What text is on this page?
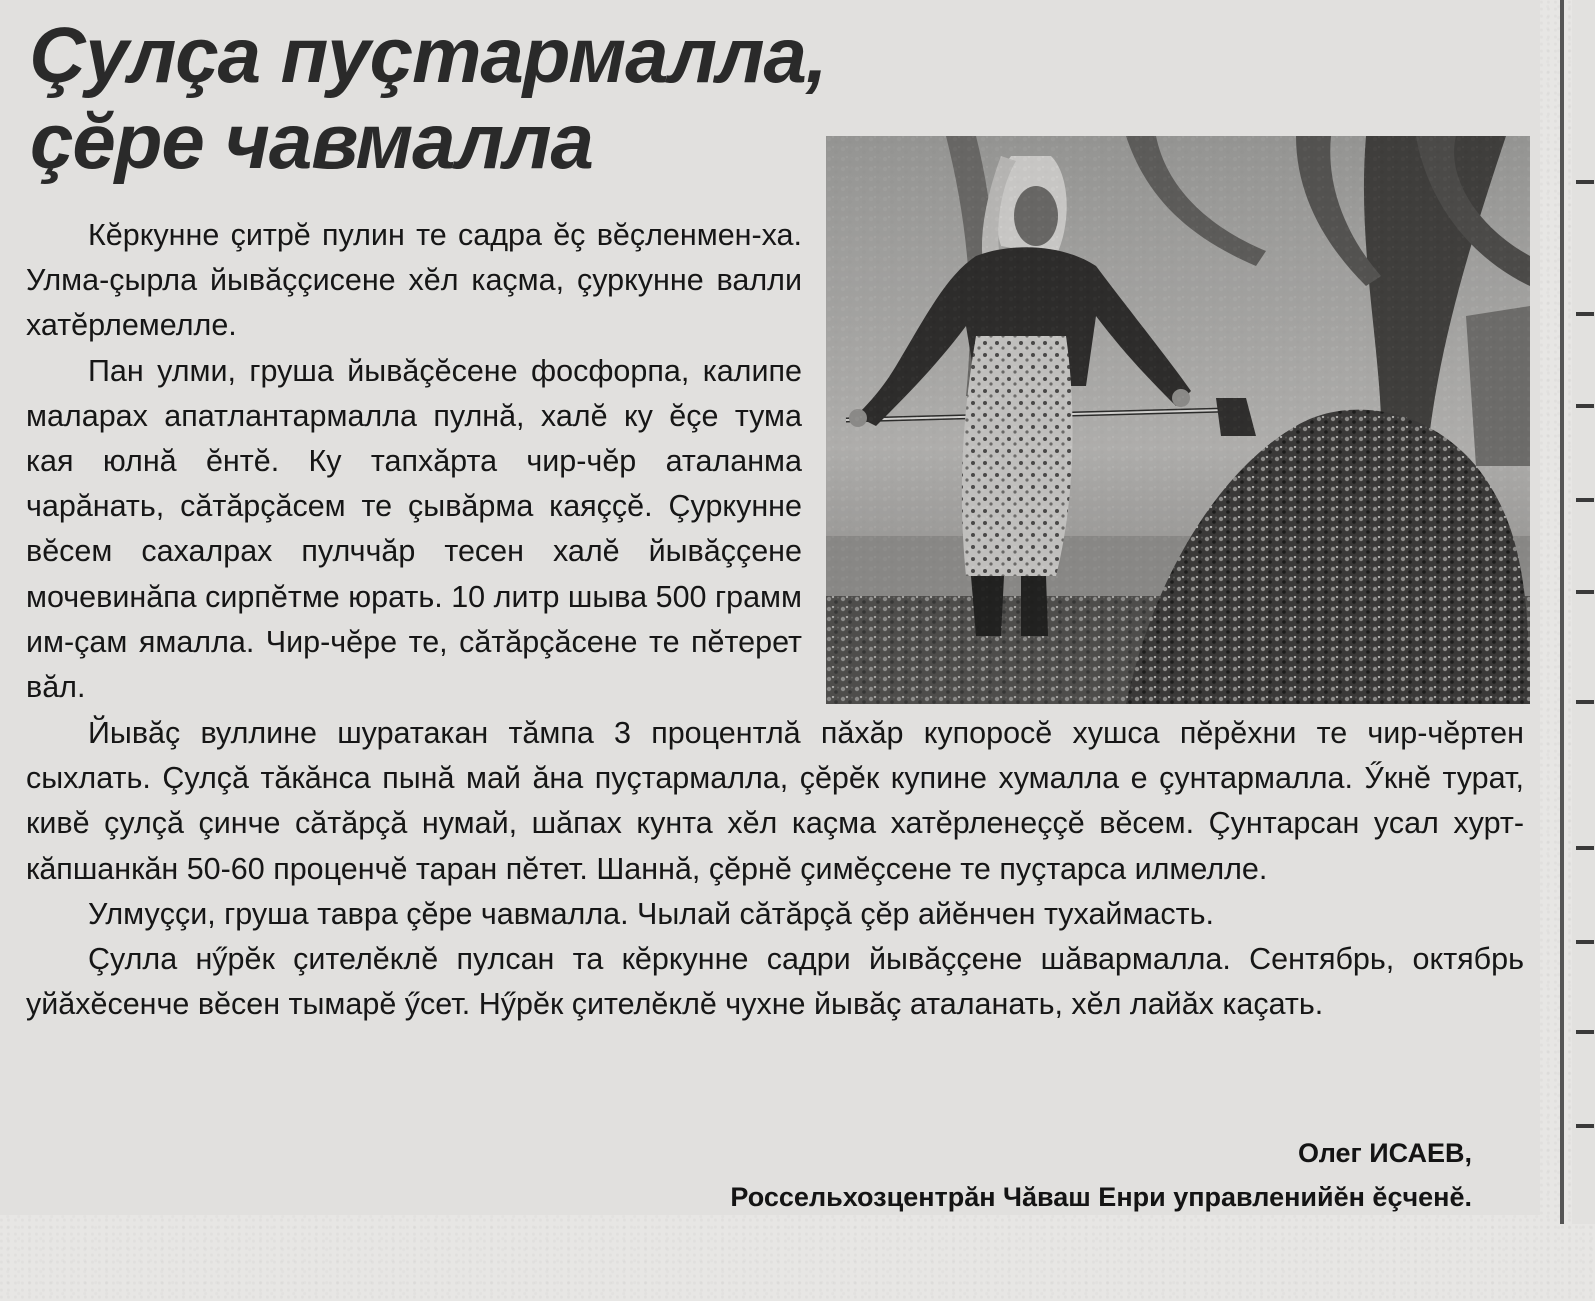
Çулçа пуçтармалла,
çĕре чавмалла

Кĕркунне çитрĕ пулин те садра ĕç вĕçленмен-ха. Улма-çырла йывăççисене хĕл каçма, çуркунне валли хатĕрлемелле.

Пан улми, груша йывăçĕсене фосфорпа, калипе маларах апатлантармалла пулнă, халĕ ку ĕçе тума кая юлнă ĕнтĕ. Ку тапхăрта чир-чĕр аталанма чарăнать, сăтăрçăсем те çывăрма каяççĕ. Çуркунне вĕсем сахалрах пулччăр тесен халĕ йывăççене мочевинăпа сирпĕтме юрать. 10 литр шыва 500 грамм им-çам ямалла. Чир-чĕре те, сăтăрçăсене те пĕтерет вăл.

Йывăç вуллине шуратакан тăмпа 3 процентлă пăхăр купоросĕ хушса пĕрĕхни те чир-чĕртен сыхлать. Çулçă тăкăнса пынă май ăна пуçтармалла, çĕрĕк купине хумалла е çунтармалла. Ӳкнĕ турат, кивĕ çулçă çинче сăтăрçă нумай, шăпах кунта хĕл каçма хатĕрленеççĕ вĕсем. Çунтарсан усал хурт-кăпшанкăн 50-60 проценчĕ таран пĕтет. Шаннă, çĕрнĕ çимĕçсене те пуçтарса илмелле.

Улмуççи, груша тавра çĕре чавмалла. Чылай сăтăрçă çĕр айĕнчен тухаймасть.

Çулла нӳрĕк çителĕклĕ пулсан та кĕркунне садри йывăççене шăвармалла. Сентябрь, октябрь уйăхĕсенче вĕсен тымарĕ ӳсет. Нӳрĕк çителĕклĕ чухне йывăç аталанать, хĕл лайăх каçать.

Олег ИСАЕВ,
Россельхозцентрăн Чăваш Енри управленийĕн ĕçченĕ.
